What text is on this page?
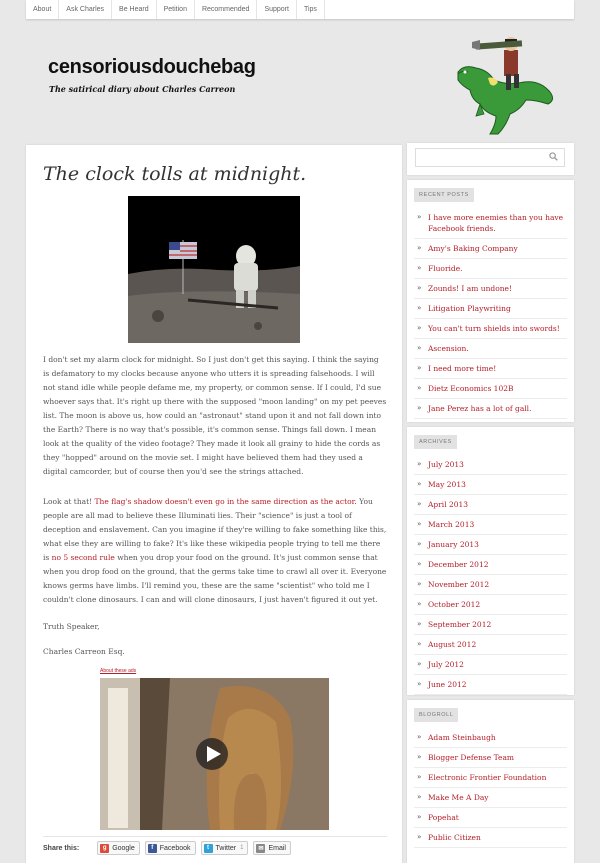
About	Ask Charles	Be Heard	Petition	Recommended	Support	Tips
censoriousdouchebag
The satirical diary about Charles Carreon
The clock tolls at midnight.

I don't set my alarm clock for midnight. So I just don't get this saying. I think the saying is defamatory to my clocks because anyone who utters it is spreading falsehoods. I will not stand idle while people defame me, my property, or common sense. If I could, I'd sue whoever says that. It's right up there with the supposed "moon landing" on my pet peeves list. The moon is above us, how could an "astronaut" stand upon it and not fall down into the Earth? There is no way that's possible, it's common sense. Things fall down. I mean look at the quality of the video footage? They made it look all grainy to hide the cords as they "hopped" around on the movie set. I might have believed them had they used a digital camcorder, but of course then you'd see the strings attached.

Look at that! The flag's shadow doesn't even go in the same direction as the actor. You people are all mad to believe these Illuminati lies. Their "science" is just a tool of deception and enslavement. Can you imagine if they're willing to fake something like this, what else they are willing to fake? It's like these wikipedia people trying to tell me there is no 5 second rule when you drop your food on the ground. It's just common sense that when you drop food on the ground, that the germs take time to crawl all over it. Everyone knows germs have limbs. I'll remind you, these are the same "scientist" who told me I couldn't clone dinosaurs. I can and will clone dinosaurs, I just haven't figured it out yet.

Truth Speaker,

Charles Carreon Esq.

About these ads
Share this:	g Google	f Facebook	t Twitter 1	✉ Email
RECENT POSTS
» I have more enemies than you have Facebook friends.
» Amy's Baking Company
» Fluoride.
» Zounds! I am undone!
» Litigation Playwriting
» You can't turn shields into swords!
» Ascension.
» I need more time!
» Dietz Economics 102B
» Jane Perez has a lot of gall.
ARCHIVES
» July 2013
» May 2013
» April 2013
» March 2013
» January 2013
» December 2012
» November 2012
» October 2012
» September 2012
» August 2012
» July 2012
» June 2012
BLOGROLL
» Adam Steinbaugh
» Blogger Defense Team
» Electronic Frontier Foundation
» Make Me A Day
» Popehat
» Public Citizen
